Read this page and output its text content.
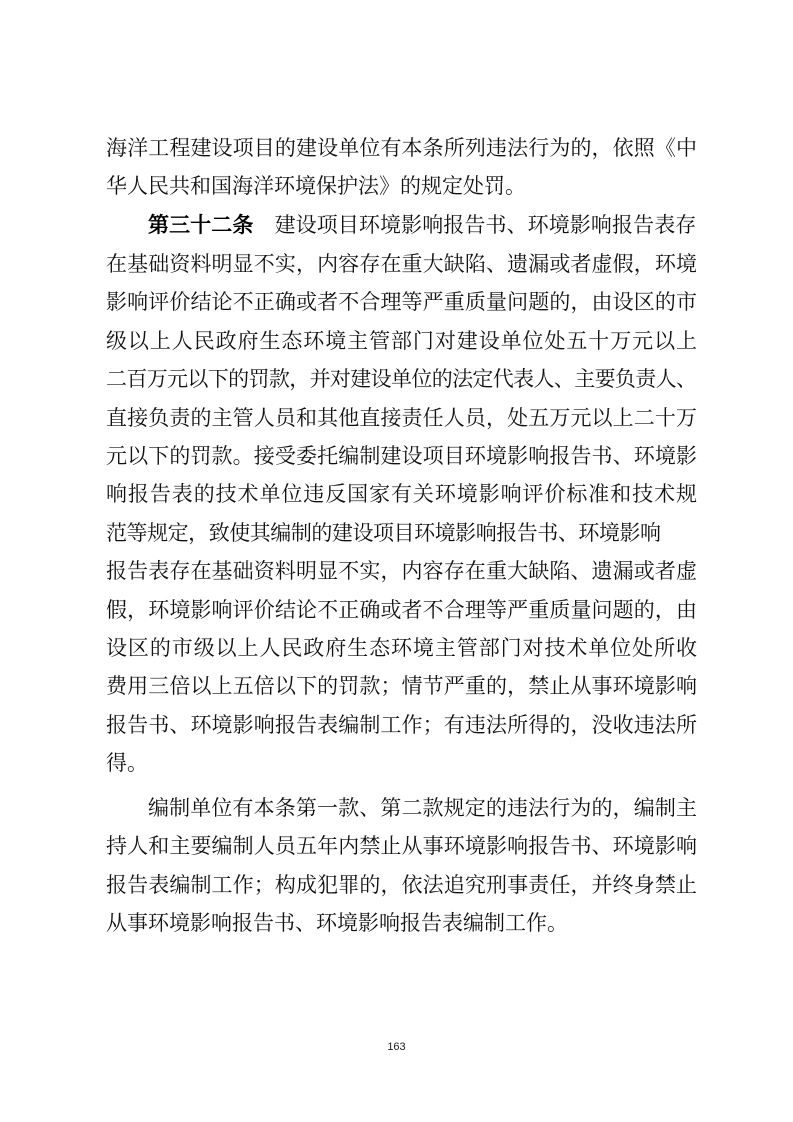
海洋工程建设项目的建设单位有本条所列违法行为的，依照《中
华人民共和国海洋环境保护法》的规定处罚。
第三十二条　 建设项目环境影响报告书、环境影响报告表存
在基础资料明显不实，内容存在重大缺陷、遗漏或者虚假，环境
影响评价结论不正确或者不合理等严重质量问题的，由设区的市
级以上人民政府生态环境主管部门对建设单位处五十万元以上
二百万元以下的罚款，并对建设单位的法定代表人、主要负责人、
直接负责的主管人员和其他直接责任人员，处五万元以上二十万
元以下的罚款。接受委托编制建设项目环境影响报告书、环境影
响报告表的技术单位违反国家有关环境影响评价标准和技术规
范等规定，致使其编制的建设项目环境影响报告书、环境影响
报告表存在基础资料明显不实，内容存在重大缺陷、遗漏或者虚
假，环境影响评价结论不正确或者不合理等严重质量问题的，由
设区的市级以上人民政府生态环境主管部门对技术单位处所收
费用三倍以上五倍以下的罚款；情节严重的，禁止从事环境影响
报告书、环境影响报告表编制工作；有违法所得的，没收违法所
得。
编制单位有本条第一款、第二款规定的违法行为的，编制主
持人和主要编制人员五年内禁止从事环境影响报告书、环境影响
报告表编制工作；构成犯罪的，依法追究刑事责任，并终身禁止
从事环境影响报告书、环境影响报告表编制工作。
163
